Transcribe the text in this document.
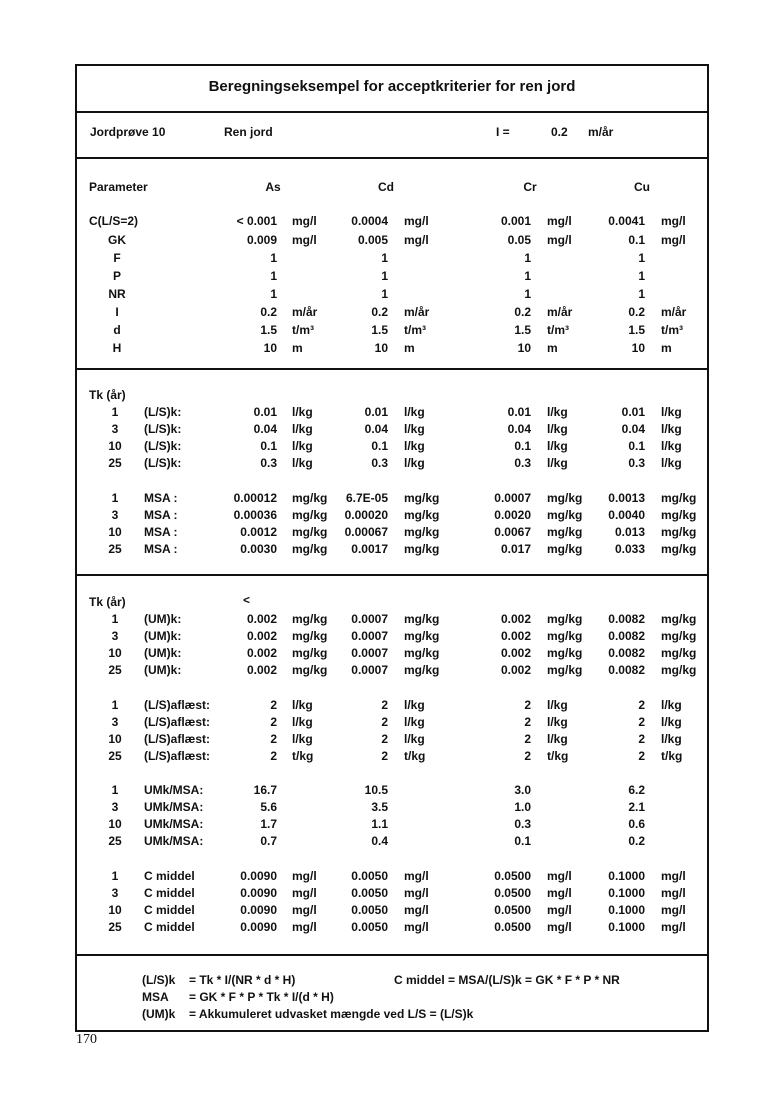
Beregningseksempel for acceptkriterier for ren jord
Jordprøve 10	Ren jord	I =	0.2 m/år
Parameter	As	Cd	Cr	Cu
C(L/S=2)	< 0.001 mg/l	0.0004 mg/l	0.001 mg/l	0.0041 mg/l
GK	0.009 mg/l	0.005 mg/l	0.05 mg/l	0.1 mg/l
F	1	1	1	1
P	1	1	1	1
NR	1	1	1	1
I	0.2 m/år	0.2 m/år	0.2 m/år	0.2 m/år
d	1.5 t/m³	1.5 t/m³	1.5 t/m³	1.5 t/m³
H	10 m	10 m	10 m	10 m
Tk (år)
1	(L/S)k:	0.01 l/kg	0.01 l/kg	0.01 l/kg	0.01 l/kg
3	(L/S)k:	0.04 l/kg	0.04 l/kg	0.04 l/kg	0.04 l/kg
10	(L/S)k:	0.1 l/kg	0.1 l/kg	0.1 l/kg	0.1 l/kg
25	(L/S)k:	0.3 l/kg	0.3 l/kg	0.3 l/kg	0.3 l/kg
1	MSA :	0.00012 mg/kg	6.7E-05 mg/kg	0.0007 mg/kg	0.0013 mg/kg
3	MSA :	0.00036 mg/kg	0.00020 mg/kg	0.0020 mg/kg	0.0040 mg/kg
10	MSA :	0.0012 mg/kg	0.00067 mg/kg	0.0067 mg/kg	0.013 mg/kg
25	MSA :	0.0030 mg/kg	0.0017 mg/kg	0.017 mg/kg	0.033 mg/kg
Tk (år)	<
1	(UM)k:	0.002 mg/kg	0.0007 mg/kg	0.002 mg/kg	0.0082 mg/kg
3	(UM)k:	0.002 mg/kg	0.0007 mg/kg	0.002 mg/kg	0.0082 mg/kg
10	(UM)k:	0.002 mg/kg	0.0007 mg/kg	0.002 mg/kg	0.0082 mg/kg
25	(UM)k:	0.002 mg/kg	0.0007 mg/kg	0.002 mg/kg	0.0082 mg/kg
1	(L/S)aflæst:	2 l/kg	2 l/kg	2 l/kg	2 l/kg
3	(L/S)aflæst:	2 l/kg	2 l/kg	2 l/kg	2 l/kg
10	(L/S)aflæst:	2 l/kg	2 l/kg	2 l/kg	2 l/kg
25	(L/S)aflæst:	2 t/kg	2 t/kg	2 t/kg	2 t/kg
1	UMk/MSA:	16.7	10.5	3.0	6.2
3	UMk/MSA:	5.6	3.5	1.0	2.1
10	UMk/MSA:	1.7	1.1	0.3	0.6
25	UMk/MSA:	0.7	0.4	0.1	0.2
1	C middel	0.0090 mg/l	0.0050 mg/l	0.0500 mg/l	0.1000 mg/l
3	C middel	0.0090 mg/l	0.0050 mg/l	0.0500 mg/l	0.1000 mg/l
10	C middel	0.0090 mg/l	0.0050 mg/l	0.0500 mg/l	0.1000 mg/l
25	C middel	0.0090 mg/l	0.0050 mg/l	0.0500 mg/l	0.1000 mg/l
(L/S)k = Tk * I/(NR * d * H)
MSA = GK * F * P * Tk * I/(d * H)
(UM)k = Akkumuleret udvasket mængde ved L/S = (L/S)k
C middel = MSA/(L/S)k = GK * F * P * NR
170
